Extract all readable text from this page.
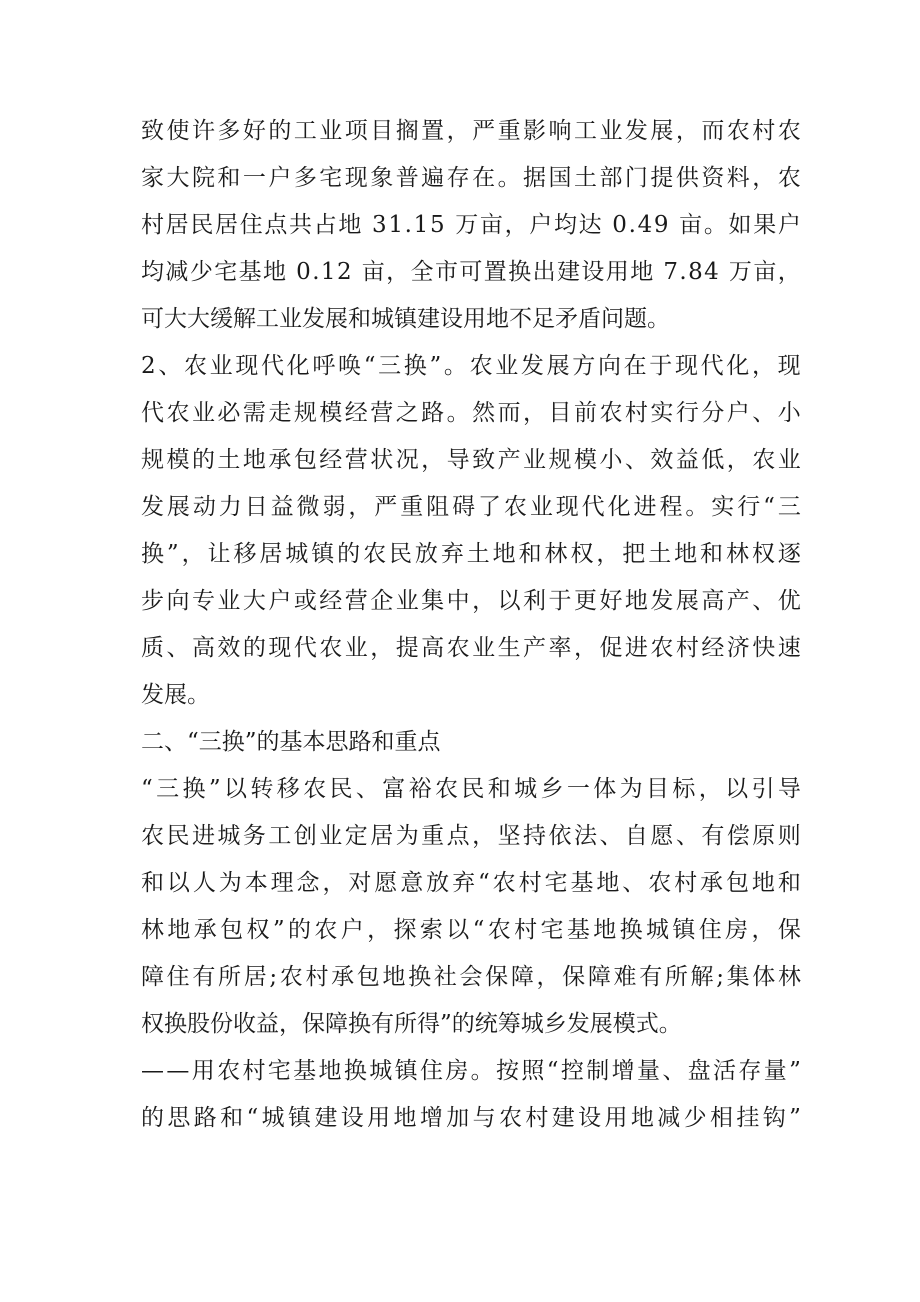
致 使 许 多 好 的 工 业 项 目 搁 置 ， 严 重 影 响 工 业 发 展 ， 而 农 村 农
家 大 院 和 一 户 多 宅 现 象 普 遍 存 在 。 据 国 土 部 门 提 供 资 料 ， 农
村 居 民 居 住 点 共 占 地
3 1 . 1 5
万 亩 ， 户 均 达
0 . 4 9
亩 。 如 果 户
均 减 少 宅 基 地
0 . 1 2
亩 ， 全 市 可 置 换 出 建 设 用 地
7 . 8 4
万 亩 ，
可大大缓解工业发展和城镇建设用地不足矛盾问题。
2 、 农 业 现 代 化 呼 唤 “ 三 换 ” 。 农 业 发 展 方 向 在 于 现 代 化 ， 现
代 农 业 必 需 走 规 模 经 营 之 路 。 然 而 ， 目 前 农 村 实 行 分 户 、 小
规 模 的 土 地 承 包 经 营 状 况 ， 导 致 产 业 规 模 小 、 效 益 低 ， 农 业
发 展 动 力 日 益 微 弱 ， 严 重 阻 碍 了 农 业 现 代 化 进 程 。 实 行 “ 三
换 ” ， 让 移 居 城 镇 的 农 民 放 弃 土 地 和 林 权 ， 把 土 地 和 林 权 逐
步 向 专 业 大 户 或 经 营 企 业 集 中 ， 以 利 于 更 好 地 发 展 高 产 、 优
质 、 高 效 的 现 代 农 业 ， 提 高 农 业 生 产 率 ， 促 进 农 村 经 济 快 速
发展。
二、“三换”的基本思路和重点
“ 三 换 ” 以 转 移 农 民 、 富 裕 农 民 和 城 乡 一 体 为 目 标 ， 以 引 导
农 民 进 城 务 工 创 业 定 居 为 重 点 ， 坚 持 依 法 、 自 愿 、 有 偿 原 则
和 以 人 为 本 理 念 ， 对 愿 意 放 弃 “ 农 村 宅 基 地 、 农 村 承 包 地 和
林 地 承 包 权 ” 的 农 户 ， 探 索 以 “ 农 村 宅 基 地 换 城 镇 住 房 ， 保
障 住 有 所 居 ; 农 村 承 包 地 换 社 会 保 障 ， 保 障 难 有 所 解 ; 集 体 林
权换股份收益，保障换有所得”的统筹城乡发展模式。
— — 用 农 村 宅 基 地 换 城 镇 住 房 。 按 照 “ 控 制 增 量 、 盘 活 存 量 ”
的 思 路 和 “ 城 镇 建 设 用 地 增 加 与 农 村 建 设 用 地 减 少 相 挂 钩 ”
